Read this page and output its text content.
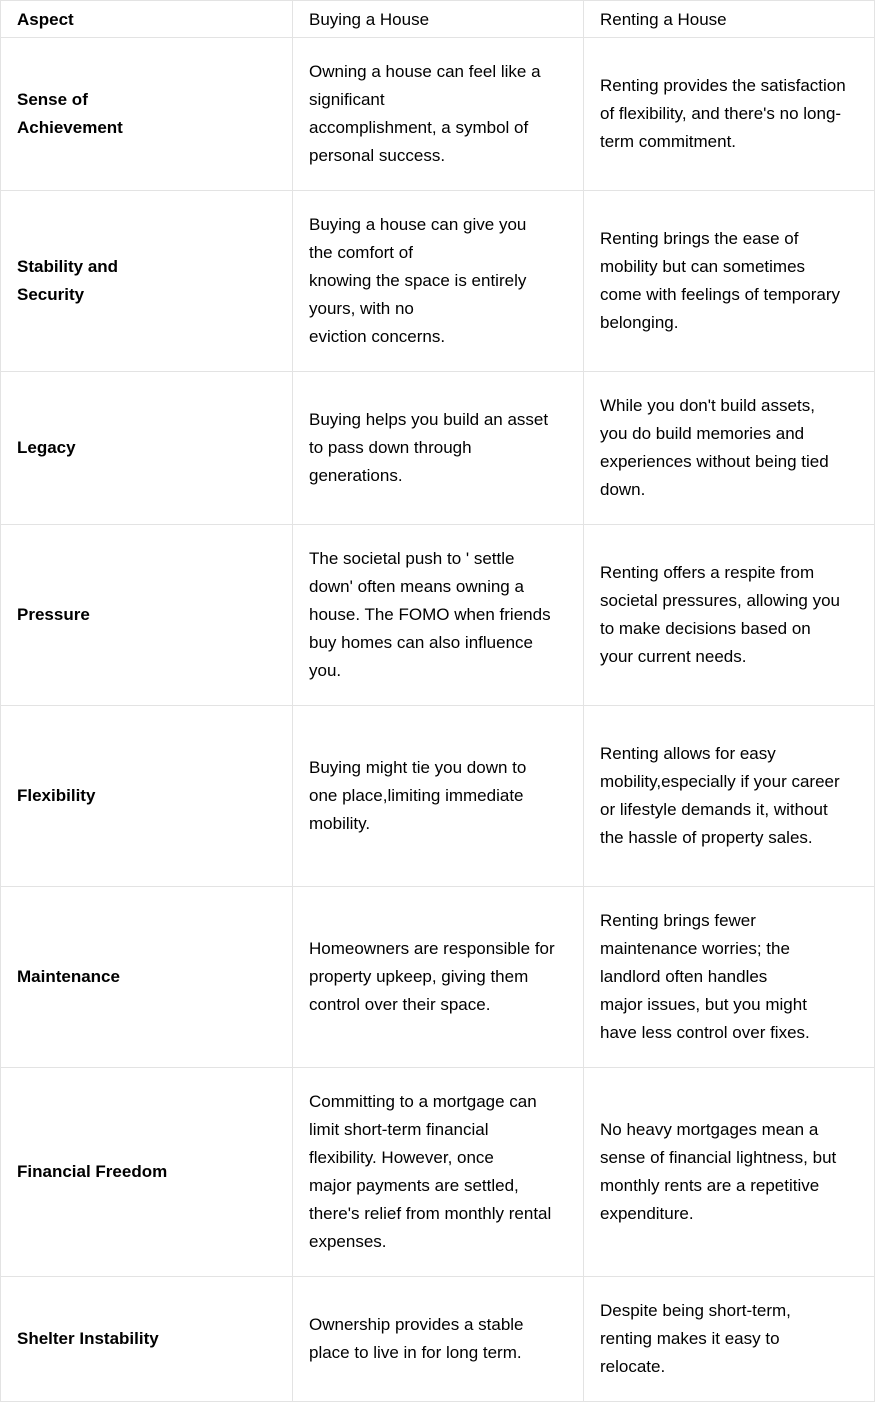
Aspect	Buying a House	Renting a House
Sense of
Achievement
Owning a house can feel like a
significant
accomplishment, a symbol of
personal success.
Renting provides the satisfaction
of flexibility, and there's no long-
term commitment.
Stability and
Security
Buying a house can give you
the comfort of
knowing the space is entirely
yours, with no
eviction concerns.
Renting brings the ease of
mobility but can sometimes
come with feelings of temporary
belonging.
Legacy
Buying helps you build an asset
to pass down through
generations.
While you don't build assets,
you do build memories and
experiences without being tied
down.
Pressure
The societal push to ' settle
down' often means owning a
house. The FOMO when friends
buy homes can also influence
you.
Renting offers a respite from
societal pressures, allowing you
to make decisions based on
your current needs.
Flexibility
Buying might tie you down to
one place,limiting immediate
mobility.
Renting allows for easy
mobility,especially if your career
or lifestyle demands it, without
the hassle of property sales.
Maintenance
Homeowners are responsible for
property upkeep, giving them
control over their space.
Renting brings fewer
maintenance worries; the
landlord often handles
major issues, but you might
have less control over fixes.
Financial Freedom
Committing to a mortgage can
limit short-term financial
flexibility. However, once
major payments are settled,
there's relief from monthly rental
expenses.
No heavy mortgages mean a
sense of financial lightness, but
monthly rents are a repetitive
expenditure.
Shelter Instability
Ownership provides a stable
place to live in for long term.
Despite being short-term,
renting makes it easy to
relocate.
